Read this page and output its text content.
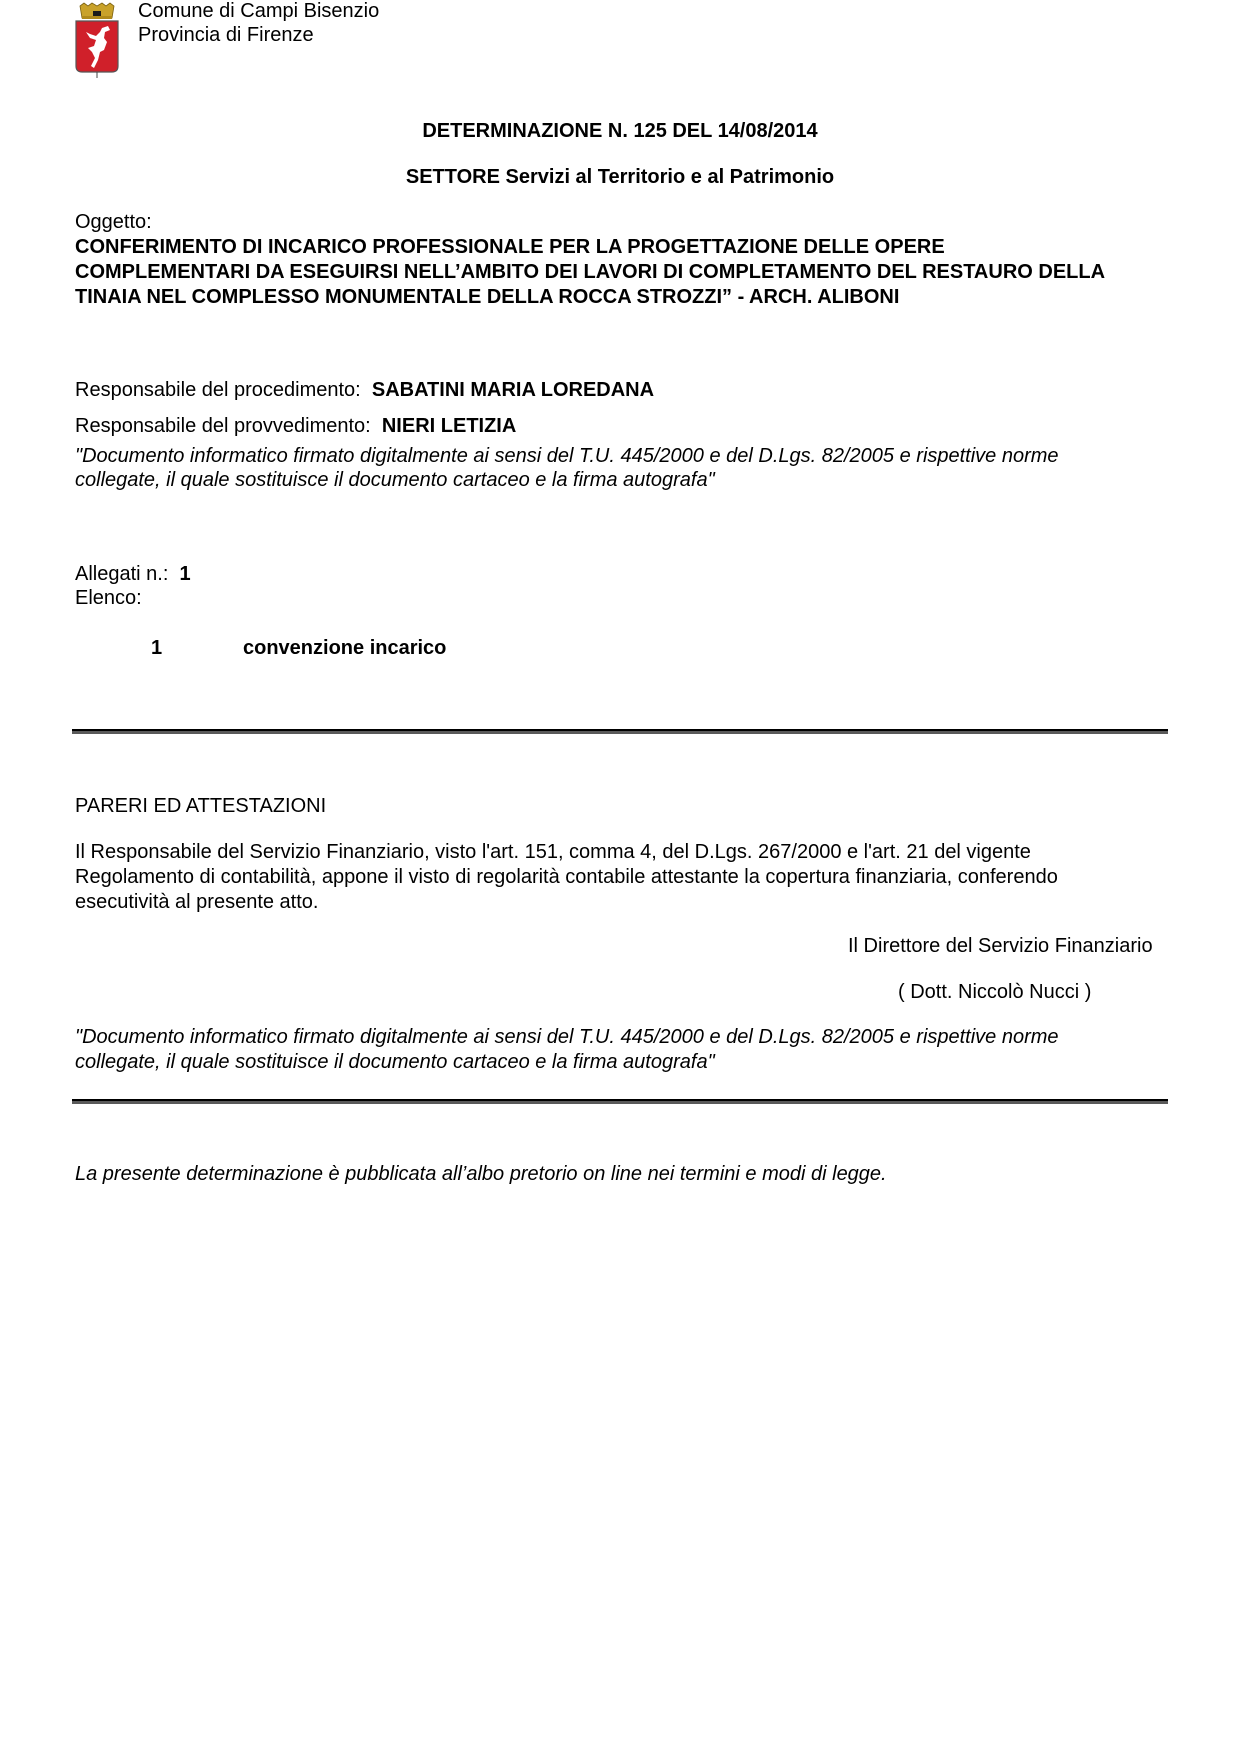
Comune di Campi Bisenzio
Provincia di Firenze
DETERMINAZIONE N. 125 DEL 14/08/2014
SETTORE Servizi al Territorio e al Patrimonio
Oggetto:
CONFERIMENTO DI INCARICO PROFESSIONALE PER LA PROGETTAZIONE DELLE OPERE
COMPLEMENTARI DA ESEGUIRSI NELL’AMBITO DEI LAVORI DI COMPLETAMENTO DEL RESTAURO DELLA
TINAIA NEL COMPLESSO MONUMENTALE DELLA ROCCA STROZZI” - ARCH. ALIBONI
Responsabile del procedimento: SABATINI MARIA LOREDANA
Responsabile del provvedimento: NIERI LETIZIA
"Documento informatico firmato digitalmente ai sensi del T.U. 445/2000 e del D.Lgs. 82/2005 e rispettive norme
collegate, il quale sostituisce il documento cartaceo e la firma autografa"
Allegati n.: 1
Elenco:
1	convenzione incarico
PARERI ED ATTESTAZIONI
Il Responsabile del Servizio Finanziario, visto l'art. 151, comma 4, del D.Lgs. 267/2000 e l'art. 21 del vigente
Regolamento di contabilità, appone il visto di regolarità contabile attestante la copertura finanziaria, conferendo
esecutività al presente atto.
Il Direttore del Servizio Finanziario
( Dott. Niccolò Nucci )
"Documento informatico firmato digitalmente ai sensi del T.U. 445/2000 e del D.Lgs. 82/2005 e rispettive norme
collegate, il quale sostituisce il documento cartaceo e la firma autografa"
La presente determinazione è pubblicata all’albo pretorio on line nei termini e modi di legge.
